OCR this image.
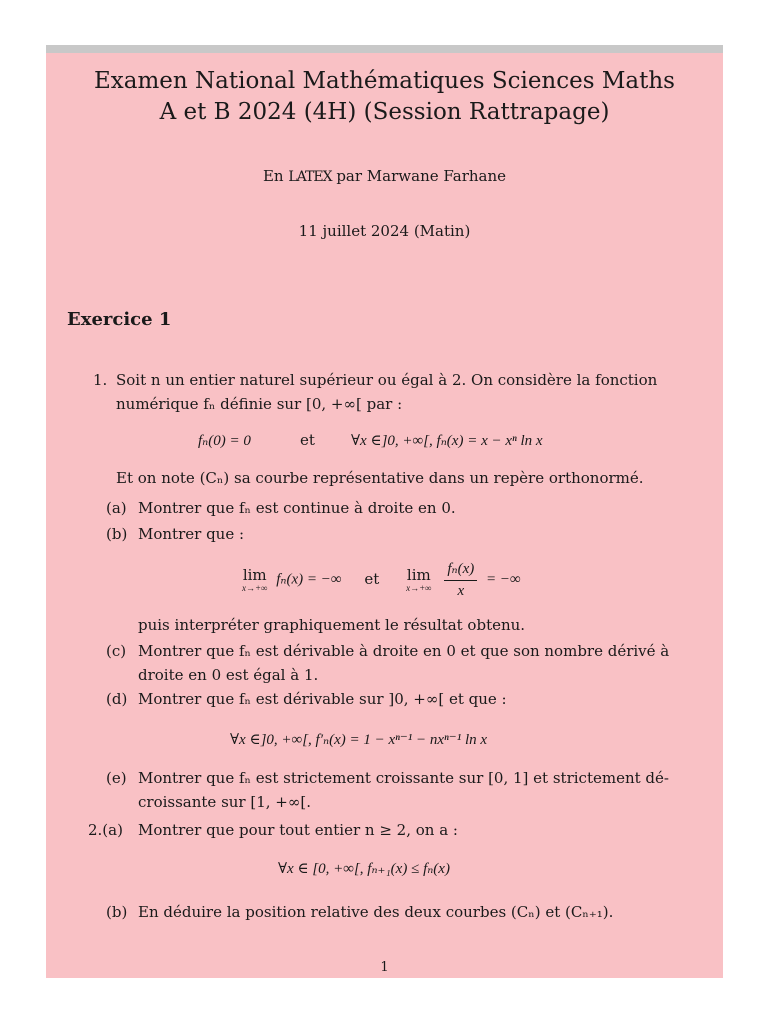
Examen National Mathématiques Sciences Maths
A et B 2024 (4H) (Session Rattrapage)
En LATEX par Marwane Farhane
11 juillet 2024 (Matin)
Exercice 1
1. Soit n un entier naturel supérieur ou égal à 2. On considère la fonction
numérique fₙ définie sur [0, +∞[ par :
fₙ(0) = 0	et ∀x ∈]0, +∞[, fₙ(x) = x − xⁿ ln x
Et on note (Cₙ) sa courbe représentative dans un repère orthonormé.
(a) Montrer que fₙ est continue à droite en 0.
(b) Montrer que :
lim
x→+∞ fₙ(x) = −∞ et lim
x→+∞
$\frac{\text{fₙ(x)}}{x}$ = −∞
puis interpréter graphiquement le résultat obtenu.
(c) Montrer que fₙ est dérivable à droite en 0 et que son nombre dérivé à
droite en 0 est égal à 1.
(d) Montrer que fₙ est dérivable sur ]0, +∞[ et que :
∀x ∈]0, +∞[, f′ₙ(x) = 1 − xⁿ⁻¹ − nxⁿ⁻¹ ln x
(e) Montrer que fₙ est strictement croissante sur [0, 1] et strictement dé-
croissante sur [1, +∞[.
2.(a) Montrer que pour tout entier n ≥ 2, on a :
∀x ∈ [0, +∞[, fₙ₊₁(x) ≤ fₙ(x)
(b) En déduire la position relative des deux courbes (Cₙ) et (Cₙ₊₁).
1
